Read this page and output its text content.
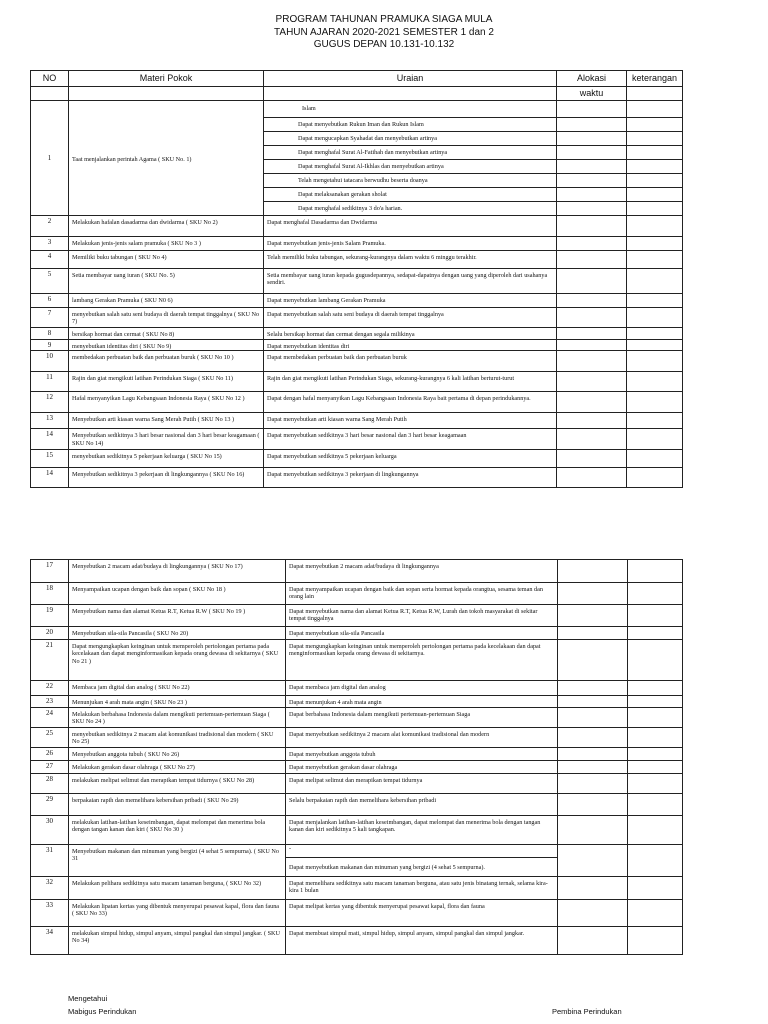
PROGRAM TAHUNAN PRAMUKA SIAGA MULA
TAHUN AJARAN 2020-2021 SEMESTER 1 dan 2
GUGUS DEPAN 10.131-10.132
NO	Materi Pokok	Uraian	Alokasi	keterangan
			waktu	
1	Taat menjalankan perintah Agama ( SKU No. 1)	Islam		
		Dapat menyebutkan Rukun Iman dan Rukun Islam		
		Dapat mengucapkan Syahadat dan menyebutkan artinya		
		Dapat menghafal Surat Al-Fatihah dan menyebutkan artinya		
		Dapat menghafal Surat Al-Ikhlas dan menyebutkan artinya		
		Telah mengetahui tatacara berwudhu beserta doanya		
		Dapat melaksanakan gerakan sholat		
		Dapat menghafal sedikitnya 3 do'a harian.		
2	Melakukan hafalan dasadarma dan dwidarma ( SKU No 2)	Dapat menghafal Dasadarma dan Dwidarma		
3	Melakukan jenis-jenis salam pramuka ( SKU No 3 )	Dapat menyebutkan jenis-jenis Salam Pramuka.		
4	Memiliki buku tabungan ( SKU No 4)	Telah memiliki buku tabungan, sekurang-kurangnya dalam waktu 6 minggu terakhir.		
5	Setia membayar uang iuran ( SKU No. 5)	Setia membayar uang iuran kepada gugusdepannya, sedapat-dapatnya dengan uang yang diperoleh dari usahanya sendiri.		
6	lambang Gerakan Pramuka ( SKU N0 6)	Dapat menyebutkan lambang Gerakan Pramuka		
7	menyebutkan salah satu seni budaya di daerah tempat tinggalnya ( SKU No 7)	Dapat menyebutkan salah satu seni budaya di daerah tempat tinggalnya		
8	bersikap hormat dan cermat ( SKU No 8)	Selalu bersikap hormat dan cermat dengan segala milikinya		
9	menyebutkan identitas diri ( SKU No 9)	Dapat menyebutkan identitas diri		
10	membedakan perbuatan baik dan perbuatan buruk ( SKU No 10 )	Dapat membedakan perbuatan baik dan perbuatan buruk		
11	Rajin dan giat mengikuti latihan Perindukan Siaga ( SKU No 11)	Rajin dan giat mengikuti latihan Perindukan Siaga, sekurang-kurangnya 6 kali latihan berturut-turut		
12	Hafal menyanyikan Lagu Kebangsaan Indonesia Raya ( SKU No 12 )	Dapat dengan hafal menyanyikan Lagu Kebangsaan Indonesia Raya bait pertama di depan perindukannya.		
13	Menyebutkan arti kiasan warna Sang Merah Putih ( SKU No 13 )	Dapat menyebutkan arti kiasan warna Sang Merah Putih		
14	Menyebutkan sedikitnya 3 hari besar nasional dan 3 hari besar keagamaan ( SKU No 14)	Dapat menyebutkan sedikitnya 3 hari besar nasional dan 3 hari besar keagamaan		
15	menyebutkan sedikitnya 5 pekerjaan keluarga ( SKU No 15)	Dapat menyebutkan sedikitnya 5 pekerjaan keluarga		
14	Menyebutkan sedikitnya 3 pekerjaan di lingkungannya ( SKU No 16)	Dapat menyebutkan sedikitnya 3 pekerjaan di lingkungannya		
17	Menyebutkan 2 macam adat/budaya di lingkungannya ( SKU No 17)	Dapat menyebutkan 2 macam adat/budaya di lingkungannya		
18	Menyampaikan ucapan dengan baik dan sopan ( SKU No 18 )	Dapat menyampaikan ucapan dengan baik dan sopan serta hormat kepada orangtua, sesama teman dan orang lain		
19	Menyebutkan nama dan alamat Ketua R.T, Ketua R.W ( SKU No 19 )	Dapat menyebutkan nama dan alamat Ketua R.T, Ketua R.W, Lurah dan tokoh masyarakat di sekitar tempat tinggalnya		
20	Menyebutkan sila-sila Pancasila ( SKU No 20)	Dapat menyebutkan sila-sila Pancasila		
21	Dapat mengungkapkan keinginan untuk memperoleh pertolongan pertama pada kecelakaan dan dapat menginformasikan kepada orang dewasa di sekitarnya ( SKU No 21 )	Dapat mengungkapkan keinginan untuk memperoleh pertolongan pertama pada kecelakaan dan dapat menginformasikan kepada orang dewasa di sekitarnya.		
22	Membaca jam digital dan analog ( SKU No 22)	Dapat membaca jam digital dan analog		
23	Menunjukan 4 arah mata angin ( SKU No 23 )	Dapat menunjukan 4 arah mata angin		
24	Melakukan berbahasa Indonesia dalam mengikuti pertemuan-pertemuan Siaga ( SKU No 24 )	Dapat berbahasa Indonesia dalam mengikuti pertemuan-pertemuan Siaga		
25	menyebutkan sedikitnya 2 macam alat komunikasi tradisional dan modern ( SKU No 25)	Dapat menyebutkan sedikitnya 2 macam alat komunikasi tradisional dan modern		
26	Menyebutkan anggota tubuh ( SKU No 26)	Dapat menyebutkan anggota tubuh		
27	Melakukan gerakan dasar olahraga ( SKU No 27)	Dapat menyebutkan gerakan dasar olahraga		
28	melakukan melipat selimut dan merapikan tempat tidurnya ( SKU No 28)	Dapat melipat selimut dan merapikan tempat tidurnya		
29	berpakaian rapih dan memelihara kebersihan pribadi ( SKU No 29)	Selalu berpakaian rapih dan memelihara kebersihan pribadi		
30	melakukan latihan-latihan keseimbangan, dapat melompat dan menerima bola dengan tangan kanan dan kiri ( SKU No 30 )	Dapat menjalankan latihan-latihan keseimbangan, dapat melompat dan menerima bola dengan tangan kanan dan kiri sedikitnya 5 kali tangkapan.		
31	Menyebutkan makanan dan minuman yang bergizi (4 sehat 5 sempurna). ( SKU No 31	-
Dapat menyebutkan makanan dan minuman yang bergizi (4 sehat 5 sempurna).		

32	Melakukan pelihara sedikitnya satu macam tanaman berguna, ( SKU No 32)	Dapat memelihara sedikitnya satu macam tanaman berguna, atau satu jenis binatang ternak, selama kira-kira 1 bulan		
33	Melakukan lipatan kertas yang dibentuk menyerupai pesawat kapal, flora dan fauna ( SKU No 33)	Dapat melipat kertas yang dibentuk menyerupai pesawat kapal, flora dan fauna		
34	melakukan simpul hidup, simpul anyam, simpul pangkal dan simpul jangkar. ( SKU No 34)	Dapat membuat simpul mati, simpul hidup, simpul anyam, simpul pangkal dan simpul jangkar.		
Mengetahui
Mabigus Perindukan	Pembina Perindukan
